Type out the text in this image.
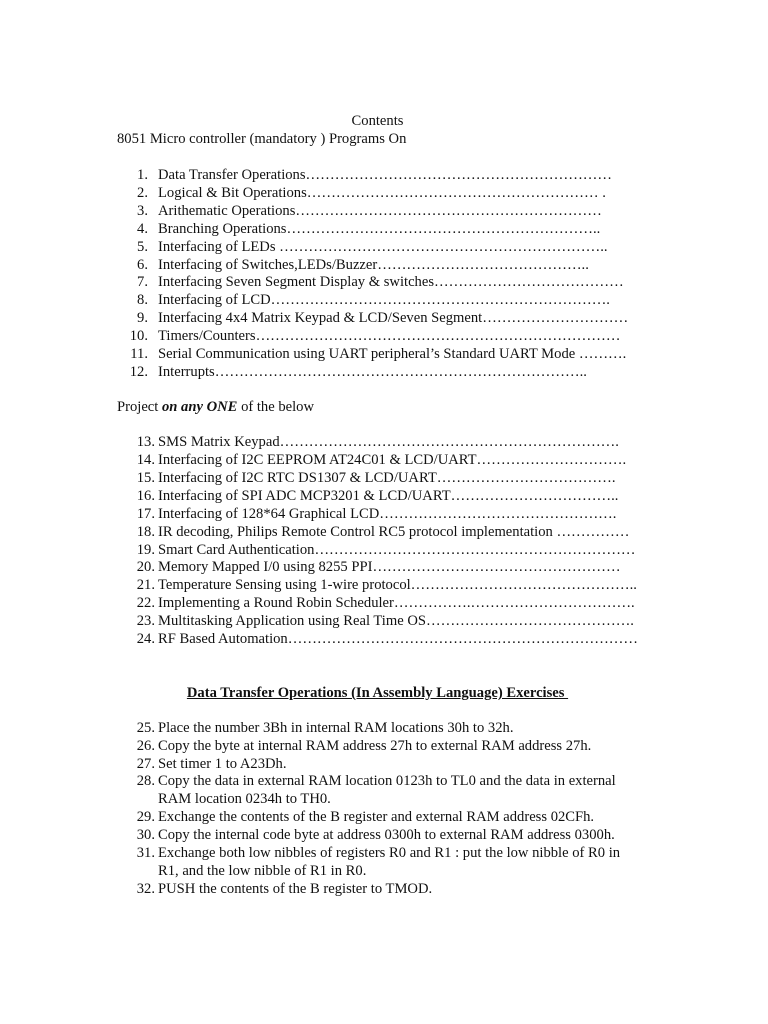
Contents
8051 Micro controller (mandatory ) Programs On
1. Data Transfer Operations………………………………………………………
2. Logical & Bit Operations…………………………………………………… .
3. Arithematic Operations………………………………………………………
4. Branching Operations………………………………………………………..
5. Interfacing of LEDs …………………………………………………………..
6. Interfacing of Switches,LEDs/Buzzer……………………………………..
7. Interfacing Seven Segment Display & switches…………………………………
8. Interfacing of LCD…………………………………………………………….
9. Interfacing 4x4 Matrix Keypad & LCD/Seven Segment…………………………
10. Timers/Counters…………………………………………………………………
11. Serial Communication using UART peripheral’s Standard UART Mode ……….
12. Interrupts…………………………………………………………………..
Project on any ONE of the below
13. SMS Matrix Keypad…………………………………………………………….
14. Interfacing of I2C EEPROM AT24C01 & LCD/UART………………………….
15. Interfacing of I2C RTC DS1307 & LCD/UART……………………………….
16. Interfacing of SPI ADC MCP3201 & LCD/UART……………………………..
17. Interfacing of 128*64 Graphical LCD………………………………………….
18. IR decoding, Philips Remote Control RC5 protocol implementation ……………
19. Smart Card Authentication…………………………………………………………
20. Memory Mapped I/0 using 8255 PPI……………………………………………
21. Temperature Sensing using 1-wire protocol………………………………………..
22. Implementing a Round Robin Scheduler…………….…………………………….
23. Multitasking Application using Real Time OS…………………………………….
24. RF Based Automation………………………………………………………………
Data Transfer Operations (In Assembly Language) Exercises
25. Place the number 3Bh in internal RAM locations 30h to 32h.
26. Copy the byte at internal RAM address 27h to external RAM address 27h.
27. Set timer 1 to A23Dh.
28. Copy the data in external RAM location 0123h to TL0 and the data in external RAM location 0234h to TH0.
29. Exchange the contents of the B register and external RAM address 02CFh.
30. Copy the internal code byte at address 0300h to external RAM address 0300h.
31. Exchange both low nibbles of registers R0 and R1 : put the low nibble of R0 in R1, and the low nibble of R1 in R0.
32. PUSH the contents of the B register to TMOD.
